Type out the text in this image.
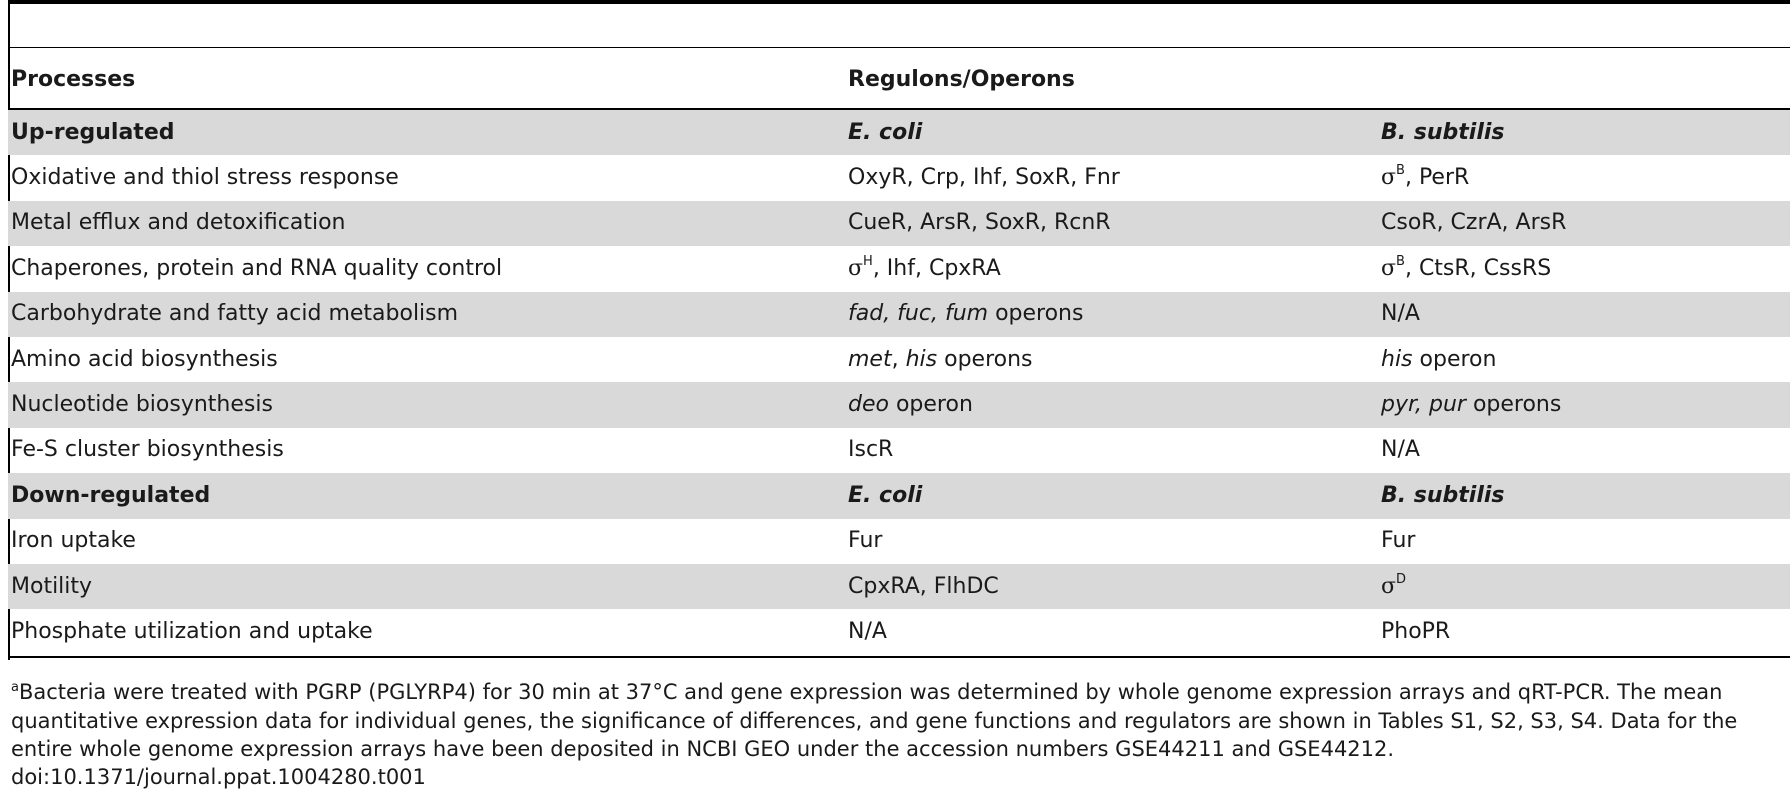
Processes	Regulons/Operons
Up-regulated	E. coli	B. subtilis
Oxidative and thiol stress response	OxyR, Crp, Ihf, SoxR, Fnr	$\sigma^B$, PerR
Metal efflux and detoxification	CueR, ArsR, SoxR, RcnR	CsoR, CzrA, ArsR
Chaperones, protein and RNA quality control	$\sigma^H$, Ihf, CpxRA	$\sigma^B$, CtsR, CssRS
Carbohydrate and fatty acid metabolism	fad, fuc, fum operons	N/A
Amino acid biosynthesis	met, his operons	his operon
Nucleotide biosynthesis	deo operon	pyr, pur operons
Fe-S cluster biosynthesis	IscR	N/A
Down-regulated	E. coli	B. subtilis
Iron uptake	Fur	Fur
Motility	CpxRA, FlhDC	$\sigma^D$
Phosphate utilization and uptake	N/A	PhoPR
$^a$Bacteria were treated with PGRP (PGLYRP4) for 30 min at 37°C and gene expression was determined by whole genome expression arrays and qRT-PCR. The mean quantitative expression data for individual genes, the significance of differences, and gene functions and regulators are shown in Tables S1, S2, S3, S4. Data for the entire whole genome expression arrays have been deposited in NCBI GEO under the accession numbers GSE44211 and GSE44212.
doi:10.1371/journal.ppat.1004280.t001
